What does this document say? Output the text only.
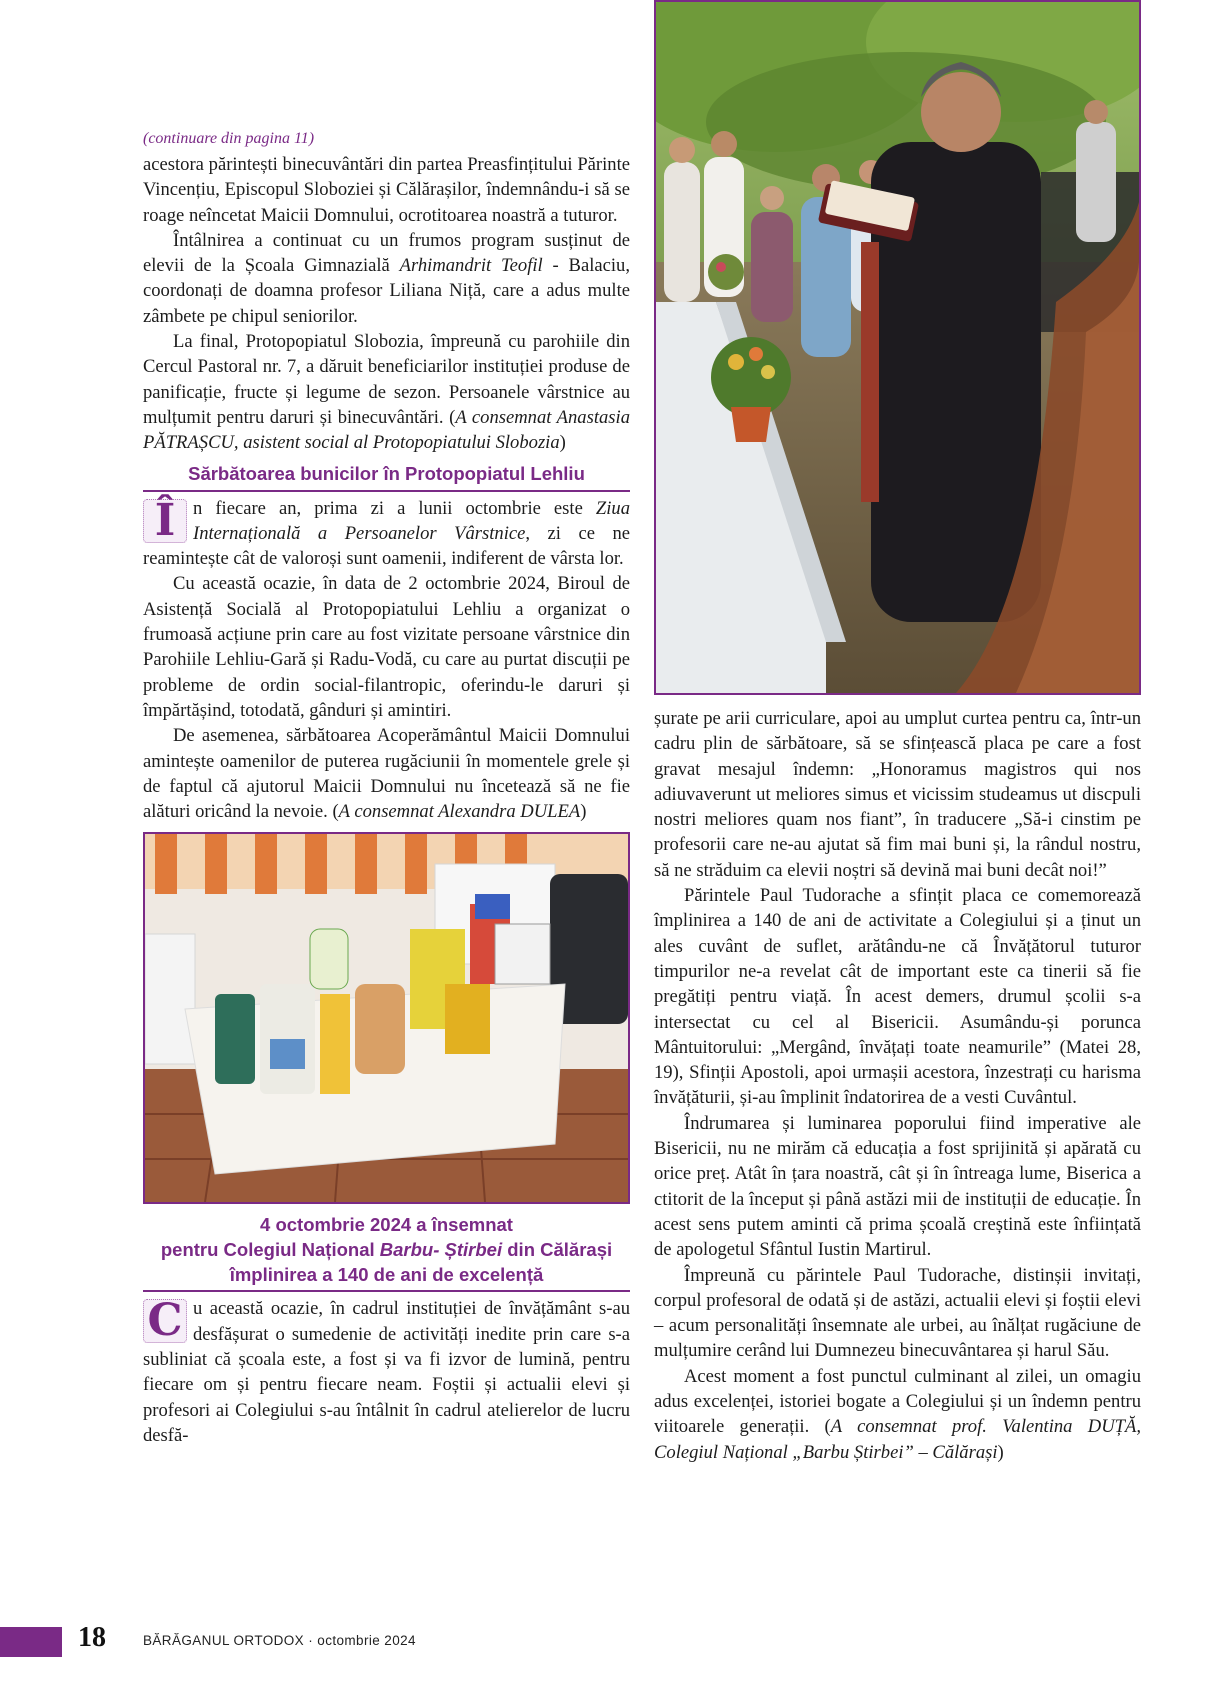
(continuare din pagina 11)

acestora părintești binecuvântări din partea Preasfințitului Părinte Vincențiu, Episcopul Sloboziei și Călărașilor, îndemnându-i să se roage neîncetat Maicii Domnului, ocrotitoarea noastră a tuturor.

Întâlnirea a continuat cu un frumos program susținut de elevii de la Școala Gimnazială Arhimandrit Teofil - Balaciu, coordonați de doamna profesor Liliana Niță, care a adus multe zâmbete pe chipul seniorilor.

La final, Protopopiatul Slobozia, împreună cu parohiile din Cercul Pastoral nr. 7, a dăruit beneficiarilor instituției produse de panificație, fructe și legume de sezon. Persoanele vârstnice au mulțumit pentru daruri și binecuvântări. (A consemnat Anastasia PĂTRAȘCU, asistent social al Protopopiatului Slobozia)

Sărbătoarea bunicilor în Protopopiatul Lehliu

Î n fiecare an, prima zi a lunii octombrie este Ziua Internațională a Persoanelor Vârstnice, zi ce ne reamintește cât de valoroși sunt oamenii, indiferent de vârsta lor.

Cu această ocazie, în data de 2 octombrie 2024, Biroul de Asistență Socială al Protopopiatului Lehliu a organizat o frumoasă acțiune prin care au fost vizitate persoane vârstnice din Parohiile Lehliu-Gară și Radu-Vodă, cu care au purtat discuții pe probleme de ordin social-filantropic, oferindu-le daruri și împărtășind, totodată, gânduri și amintiri.

De asemenea, sărbătoarea Acoperământul Maicii Domnului amintește oamenilor de puterea rugăciunii în momentele grele și de faptul că ajutorul Maicii Domnului nu încetează să ne fie alături oricând la nevoie. (A consemnat Alexandra DULEA)

4 octombrie 2024 a însemnat
pentru Colegiul Național Barbu- Știrbei din Călărași
împlinirea a 140 de ani de excelență

C u această ocazie, în cadrul instituției de învățământ s-au desfășurat o sumedenie de activități inedite prin care s-a subliniat că școala este, a fost și va fi izvor de lumină, pentru fiecare om și pentru fiecare neam. Foștii și actualii elevi și profesori ai Colegiului s-au întâlnit în cadrul atelierelor de lucru desfă-

șurate pe arii curriculare, apoi au umplut curtea pentru ca, într-un cadru plin de sărbătoare, să se sfințească placa pe care a fost gravat mesajul îndemn: „Honoramus magistros qui nos adiuvaverunt ut meliores simus et vicissim studeamus ut discpuli nostri meliores quam nos fiant”, în traducere „Să-i cinstim pe profesorii care ne-au ajutat să fim mai buni și, la rândul nostru, să ne străduim ca elevii noștri să devină mai buni decât noi!”

Părintele Paul Tudorache a sfințit placa ce comemorează împlinirea a 140 de ani de activitate a Colegiului și a ținut un ales cuvânt de suflet, arătându-ne că Învățătorul tuturor timpurilor ne-a revelat cât de important este ca tinerii să fie pregătiți pentru viață. În acest demers, drumul școlii s-a intersectat cu cel al Bisericii. Asumându-și porunca Mântuitorului: „Mergând, învățați toate neamurile” (Matei 28, 19), Sfinții Apostoli, apoi urmașii acestora, înzestrați cu harisma învățăturii, și-au împlinit îndatorirea de a vesti Cuvântul.

Îndrumarea și luminarea poporului fiind imperative ale Bisericii, nu ne mirăm că educația a fost sprijinită și apărată cu orice preț. Atât în țara noastră, cât și în întreaga lume, Biserica a ctitorit de la început și până astăzi mii de instituții de educație. În acest sens putem aminti că prima școală creștină este înființată de apologetul Sfântul Iustin Martirul.

Împreună cu părintele Paul Tudorache, distinșii invitați, corpul profesoral de odată și de astăzi, actualii elevi și foștii elevi – acum personalități însemnate ale urbei, au înălțat rugăciune de mulțumire cerând lui Dumnezeu binecuvântarea și harul Său.

Acest moment a fost punctul culminant al zilei, un omagiu adus excelenței, istoriei bogate a Colegiului și un îndemn pentru viitoarele generații. (A consemnat prof. Valentina DUȚĂ, Colegiul Național „Barbu Știrbei” – Călărași)

18	BĂRĂGANUL ORTODOX · octombrie 2024
